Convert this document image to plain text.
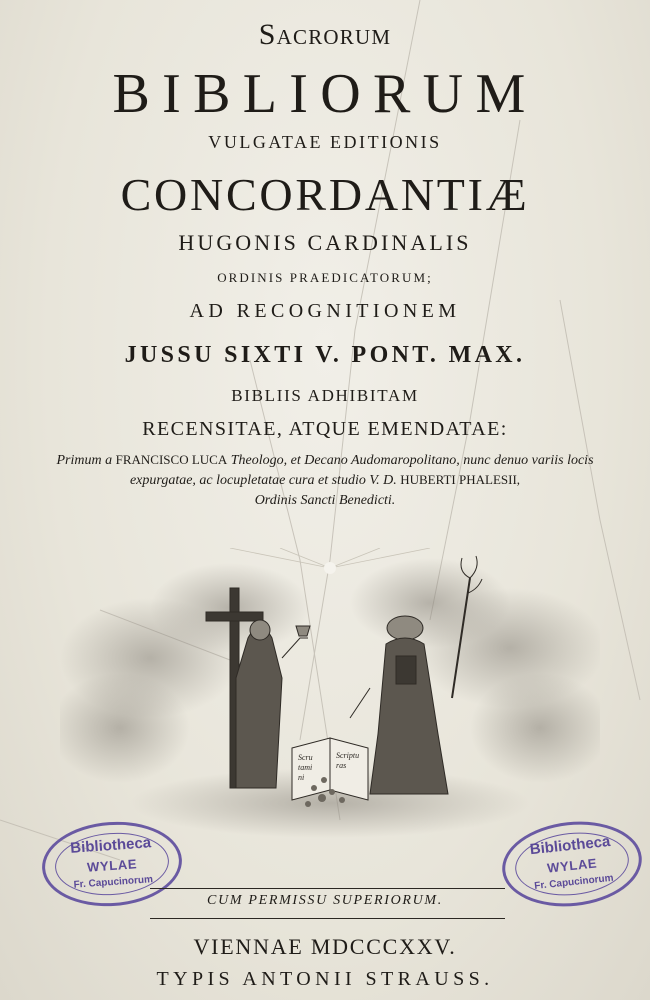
Sacrorum
BIBLIORUM
VULGATAE EDITIONIS
CONCORDANTIÆ
HUGONIS CARDINALIS
ORDINIS PRAEDICATORUM;
AD RECOGNITIONEM
JUSSU SIXTI V. PONT. MAX.
BIBLIIS ADHIBITAM
RECENSITAE, ATQUE EMENDATAE:
Primum a FRANCISCO LUCA Theologo, et Decano Audomaropolitano, nunc denuo variis locis
expurgatae, ac locupletatae cura et studio V. D. HUBERTI PHALESII,
Ordinis Sancti Benedicti.
Scru
tami
ni
Scriptu
ras
Bibliotheca
WYLAE
Fr. Capucinorum
Bibliotheca
WYLAE
Fr. Capucinorum
CUM PERMISSU SUPERIORUM.
VIENNAE MDCCCXXV.
TYPIS ANTONII STRAUSS.
